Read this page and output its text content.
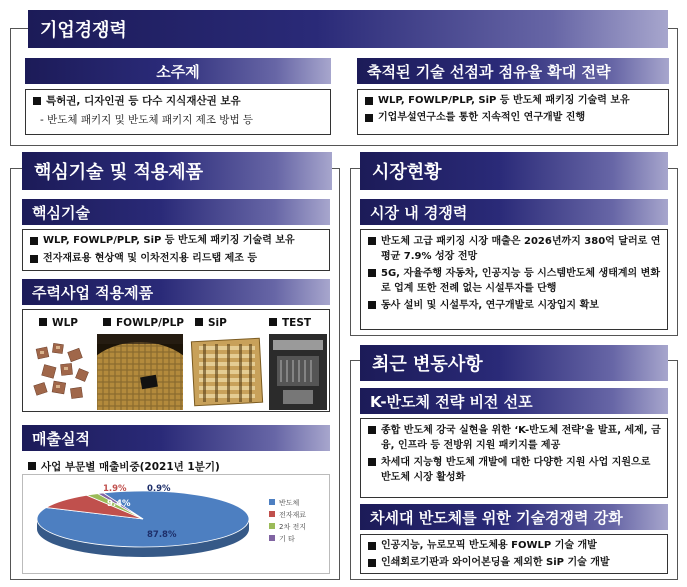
기업경쟁력
소주제
특허권, 디자인권 등 다수 지식재산권 보유
- 반도체 패키지 및 반도체 패키지 제조 방법 등
축적된 기술 선점과 점유율 확대 전략
WLP, FOWLP/PLP, SiP 등 반도체 패키징 기술력 보유
기업부설연구소를 통한 지속적인 연구개발 진행
핵심기술 및 적용제품
핵심기술
WLP, FOWLP/PLP, SiP 등 반도체 패키징 기술력 보유
전자재료용 현상액 및 이차전지용 리드탭 제조 등
주력사업 적용제품
WLP	FOWLP/PLP	SiP	TEST
매출실적
사업 부문별 매출비중(2021년 1분기)
87.8%
9.4%
1.9% 0.9%
반도체
전자재료
2차 전지
기 타
시장현황
시장 내 경쟁력
반도체 고급 패키징 시장 매출은 2026년까지 380억 달러로 연평균 7.9% 성장 전망
5G, 자율주행 자동차, 인공지능 등 시스템반도체 생태계의 변화로 업계 또한 전례 없는 시설투자를 단행
동사 설비 및 시설투자, 연구개발로 시장입지 확보
최근 변동사항
K-반도체 전략 비전 선포
종합 반도체 강국 실현을 위한 ‘K-반도체 전략’을 발표, 세제, 금융, 인프라 등 전방위 지원 패키지를 제공
차세대 지능형 반도체 개발에 대한 다양한 지원 사업 지원으로 반도체 시장 활성화
차세대 반도체를 위한 기술경쟁력 강화
인공지능, 뉴로모픽 반도체용 FOWLP 기술 개발
인쇄회로기판과 와이어본딩을 제외한 SiP 기술 개발
